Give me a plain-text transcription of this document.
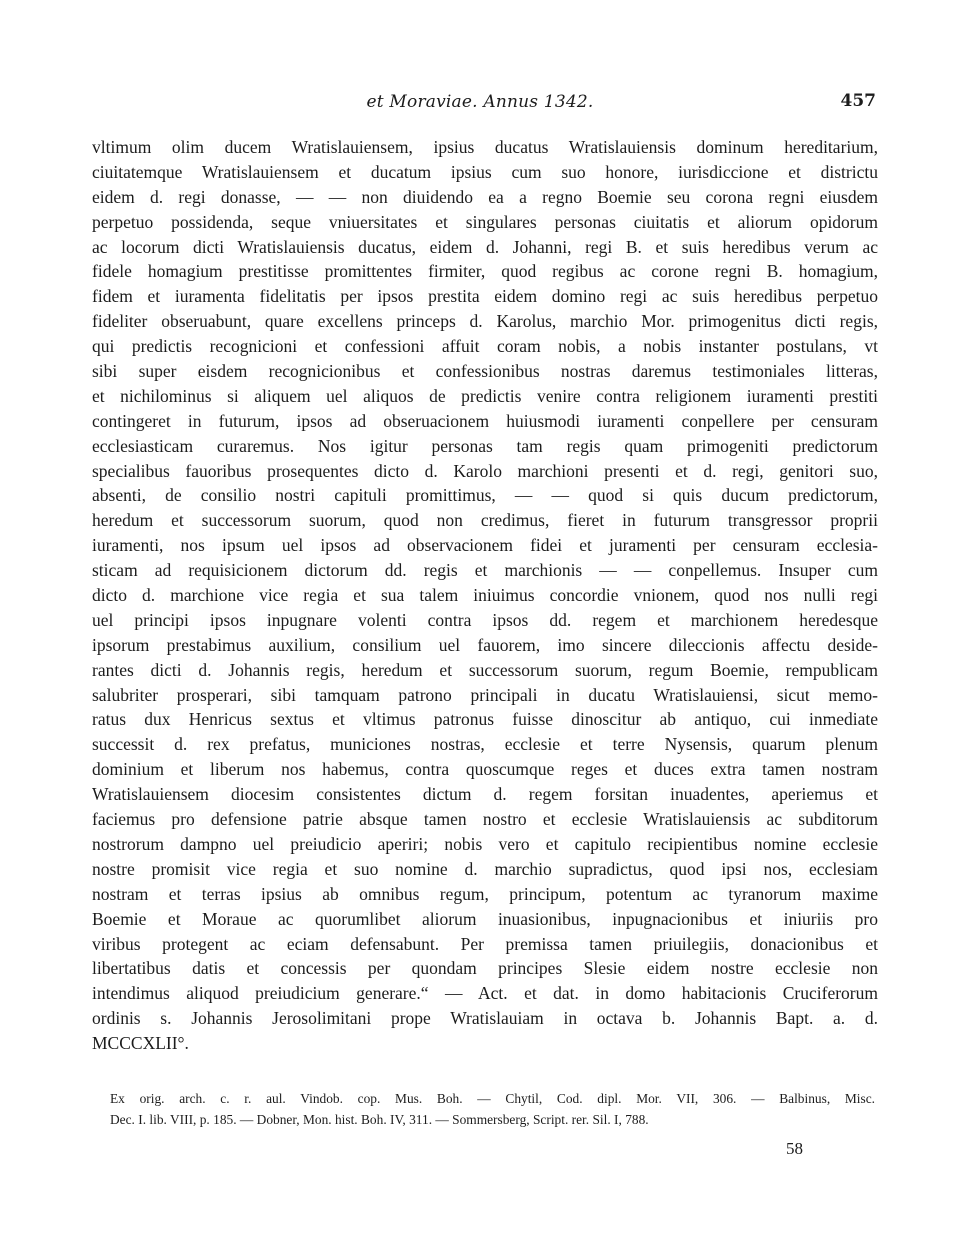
et Moraviae. Annus 1342.	457
vltimum olim ducem Wratislauiensem, ipsius ducatus Wratislauiensis dominum hereditarium,
ciuitatemque Wratislauiensem et ducatum ipsius cum suo honore, iurisdiccione et districtu
eidem d. regi donasse, — — non diuidendo ea a regno Boemie seu corona regni eiusdem
perpetuo possidenda, seque vniuersitates et singulares personas ciuitatis et aliorum opidorum
ac locorum dicti Wratislauiensis ducatus, eidem d. Johanni, regi B. et suis heredibus verum ac
fidele homagium prestitisse promittentes firmiter, quod regibus ac corone regni B. homagium,
fidem et iuramenta fidelitatis per ipsos prestita eidem domino regi ac suis heredibus perpetuo
fideliter obseruabunt, quare excellens princeps d. Karolus, marchio Mor. primogenitus dicti regis,
qui predictis recognicioni et confessioni affuit coram nobis, a nobis instanter postulans, vt
sibi super eisdem recognicionibus et confessionibus nostras daremus testimoniales litteras,
et nichilominus si aliquem uel aliquos de predictis venire contra religionem iuramenti prestiti
contingeret in futurum, ipsos ad obseruacionem huiusmodi iuramenti conpellere per censuram
ecclesiasticam curaremus. Nos igitur personas tam regis quam primogeniti predictorum
specialibus fauoribus prosequentes dicto d. Karolo marchioni presenti et d. regi, genitori suo,
absenti, de consilio nostri capituli promittimus, — — quod si quis ducum predictorum,
heredum et successorum suorum, quod non credimus, fieret in futurum transgressor proprii
iuramenti, nos ipsum uel ipsos ad observacionem fidei et juramenti per censuram ecclesia-
sticam ad requisicionem dictorum dd. regis et marchionis — — conpellemus. Insuper cum
dicto d. marchione vice regia et sua talem iniuimus concordie vnionem, quod nos nulli regi
uel principi ipsos inpugnare volenti contra ipsos dd. regem et marchionem heredesque
ipsorum prestabimus auxilium, consilium uel fauorem, imo sincere dileccionis affectu deside-
rantes dicti d. Johannis regis, heredum et successorum suorum, regum Boemie, rempublicam
salubriter prosperari, sibi tamquam patrono principali in ducatu Wratislauiensi, sicut memo-
ratus dux Henricus sextus et vltimus patronus fuisse dinoscitur ab antiquo, cui inmediate
successit d. rex prefatus, municiones nostras, ecclesie et terre Nysensis, quarum plenum
dominium et liberum nos habemus, contra quoscumque reges et duces extra tamen nostram
Wratislauiensem diocesim consistentes dictum d. regem forsitan inuadentes, aperiemus et
faciemus pro defensione patrie absque tamen nostro et ecclesie Wratislauiensis ac subditorum
nostrorum dampno uel preiudicio aperiri; nobis vero et capitulo recipientibus nomine ecclesie
nostre promisit vice regia et suo nomine d. marchio supradictus, quod ipsi nos, ecclesiam
nostram et terras ipsius ab omnibus regum, principum, potentum ac tyranorum maxime
Boemie et Moraue ac quorumlibet aliorum inuasionibus, inpugnacionibus et iniuriis pro
viribus protegent ac eciam defensabunt. Per premissa tamen priuilegiis, donacionibus et
libertatibus datis et concessis per quondam principes Slesie eidem nostre ecclesie non
intendimus aliquod preiudicium generare.“ — Act. et dat. in domo habitacionis Cruciferorum
ordinis s. Johannis Jerosolimitani prope Wratislauiam in octava b. Johannis Bapt. a. d.
MCCCXLII°.
Ex orig. arch. c. r. aul. Vindob. cop. Mus. Boh. — Chytil, Cod. dipl. Mor. VII, 306. — Balbinus, Misc.
Dec. I. lib. VIII, p. 185. — Dobner, Mon. hist. Boh. IV, 311. — Sommersberg, Script. rer. Sil. I, 788.
58
